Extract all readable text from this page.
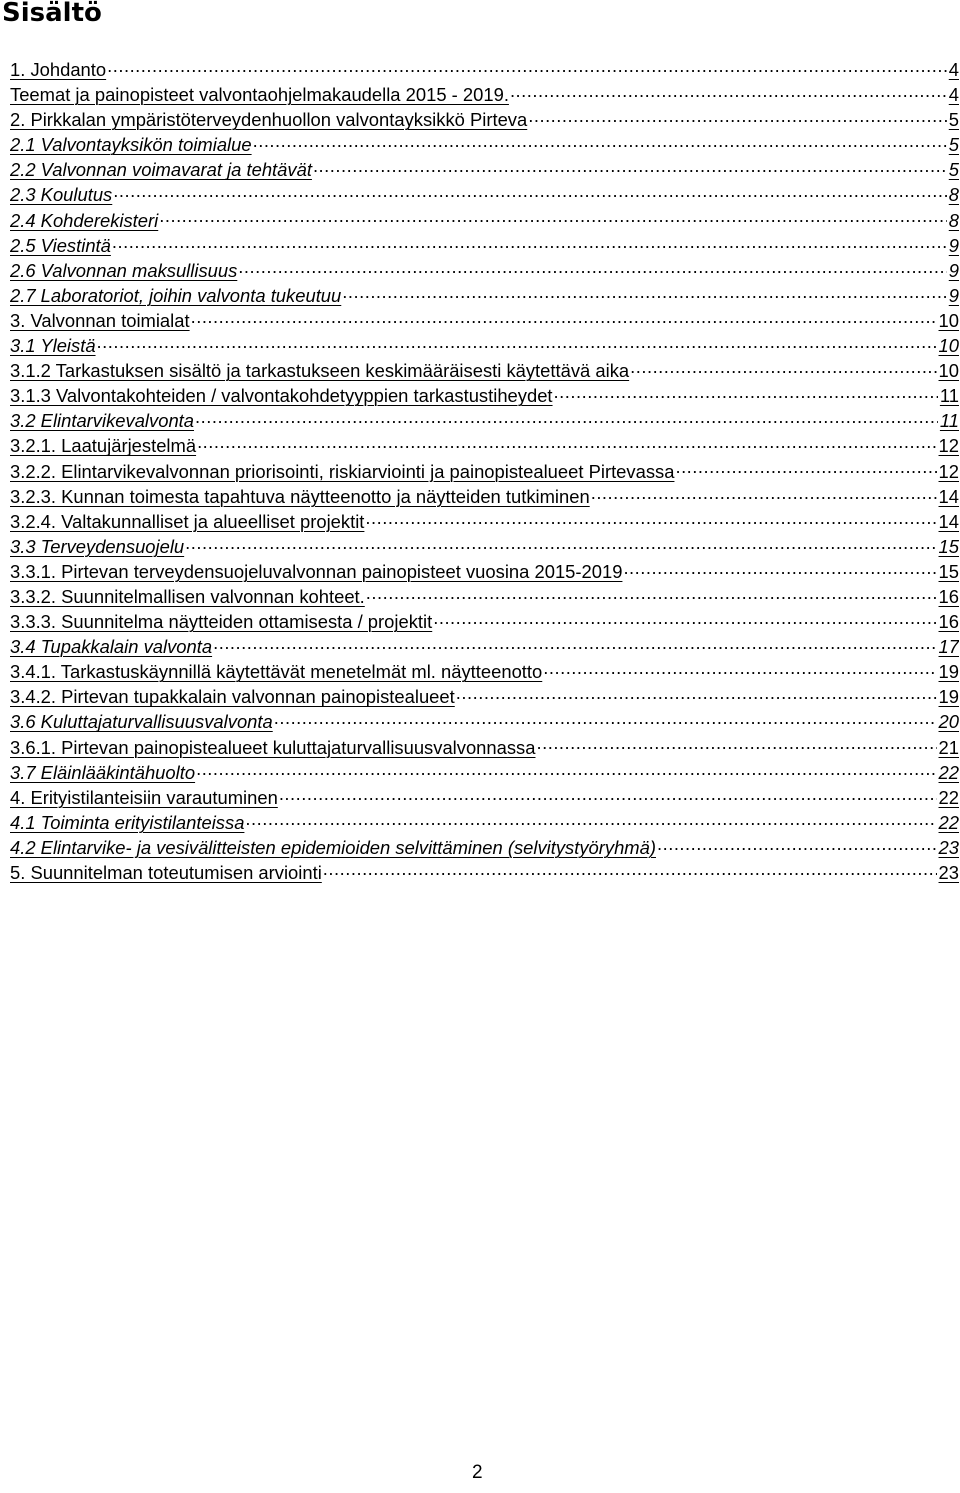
Sisältö
1. Johdanto .....	4
Teemat ja painopisteet valvontaohjelmakaudella 2015 - 2019. .....	4
2. Pirkkalan ympäristöterveydenhuollon valvontayksikkö Pirteva .....	5
2.1 Valvontayksikön toimialue .....	5
2.2 Valvonnan voimavarat ja tehtävät .....	5
2.3 Koulutus .....	8
2.4 Kohderekisteri .....	8
2.5 Viestintä .....	9
2.6 Valvonnan maksullisuus .....	9
2.7 Laboratoriot, joihin valvonta tukeutuu .....	9
3. Valvonnan toimialat .....	10
3.1 Yleistä .....	10
3.1.2 Tarkastuksen sisältö ja tarkastukseen keskimääräisesti käytettävä aika .....	10
3.1.3 Valvontakohteiden / valvontakohdetyyppien tarkastustiheydet .....	11
3.2 Elintarvikevalvonta .....	11
3.2.1. Laatujärjestelmä .....	12
3.2.2. Elintarvikevalvonnan priorisointi, riskiarviointi ja painopistealueet Pirtevassa .....	12
3.2.3. Kunnan toimesta tapahtuva näytteenotto ja näytteiden tutkiminen .....	14
3.2.4. Valtakunnalliset ja alueelliset projektit .....	14
3.3 Terveydensuojelu .....	15
3.3.1. Pirtevan terveydensuojeluvalvonnan painopisteet vuosina 2015-2019 .....	15
3.3.2. Suunnitelmallisen valvonnan kohteet. .....	16
3.3.3. Suunnitelma näytteiden ottamisesta / projektit .....	16
3.4 Tupakkalain valvonta .....	17
3.4.1. Tarkastuskäynnillä käytettävät menetelmät ml. näytteenotto .....	19
3.4.2. Pirtevan tupakkalain valvonnan painopistealueet .....	19
3.6 Kuluttajaturvallisuusvalvonta .....	20
3.6.1. Pirtevan painopistealueet kuluttajaturvallisuusvalvonnassa .....	21
3.7 Eläinlääkintähuolto .....	22
4. Erityistilanteisiin varautuminen .....	22
4.1 Toiminta erityistilanteissa .....	22
4.2 Elintarvike- ja vesivälitteisten epidemioiden selvittäminen (selvitystyöryhmä) .....	23
5. Suunnitelman toteutumisen arviointi .....	23
2
